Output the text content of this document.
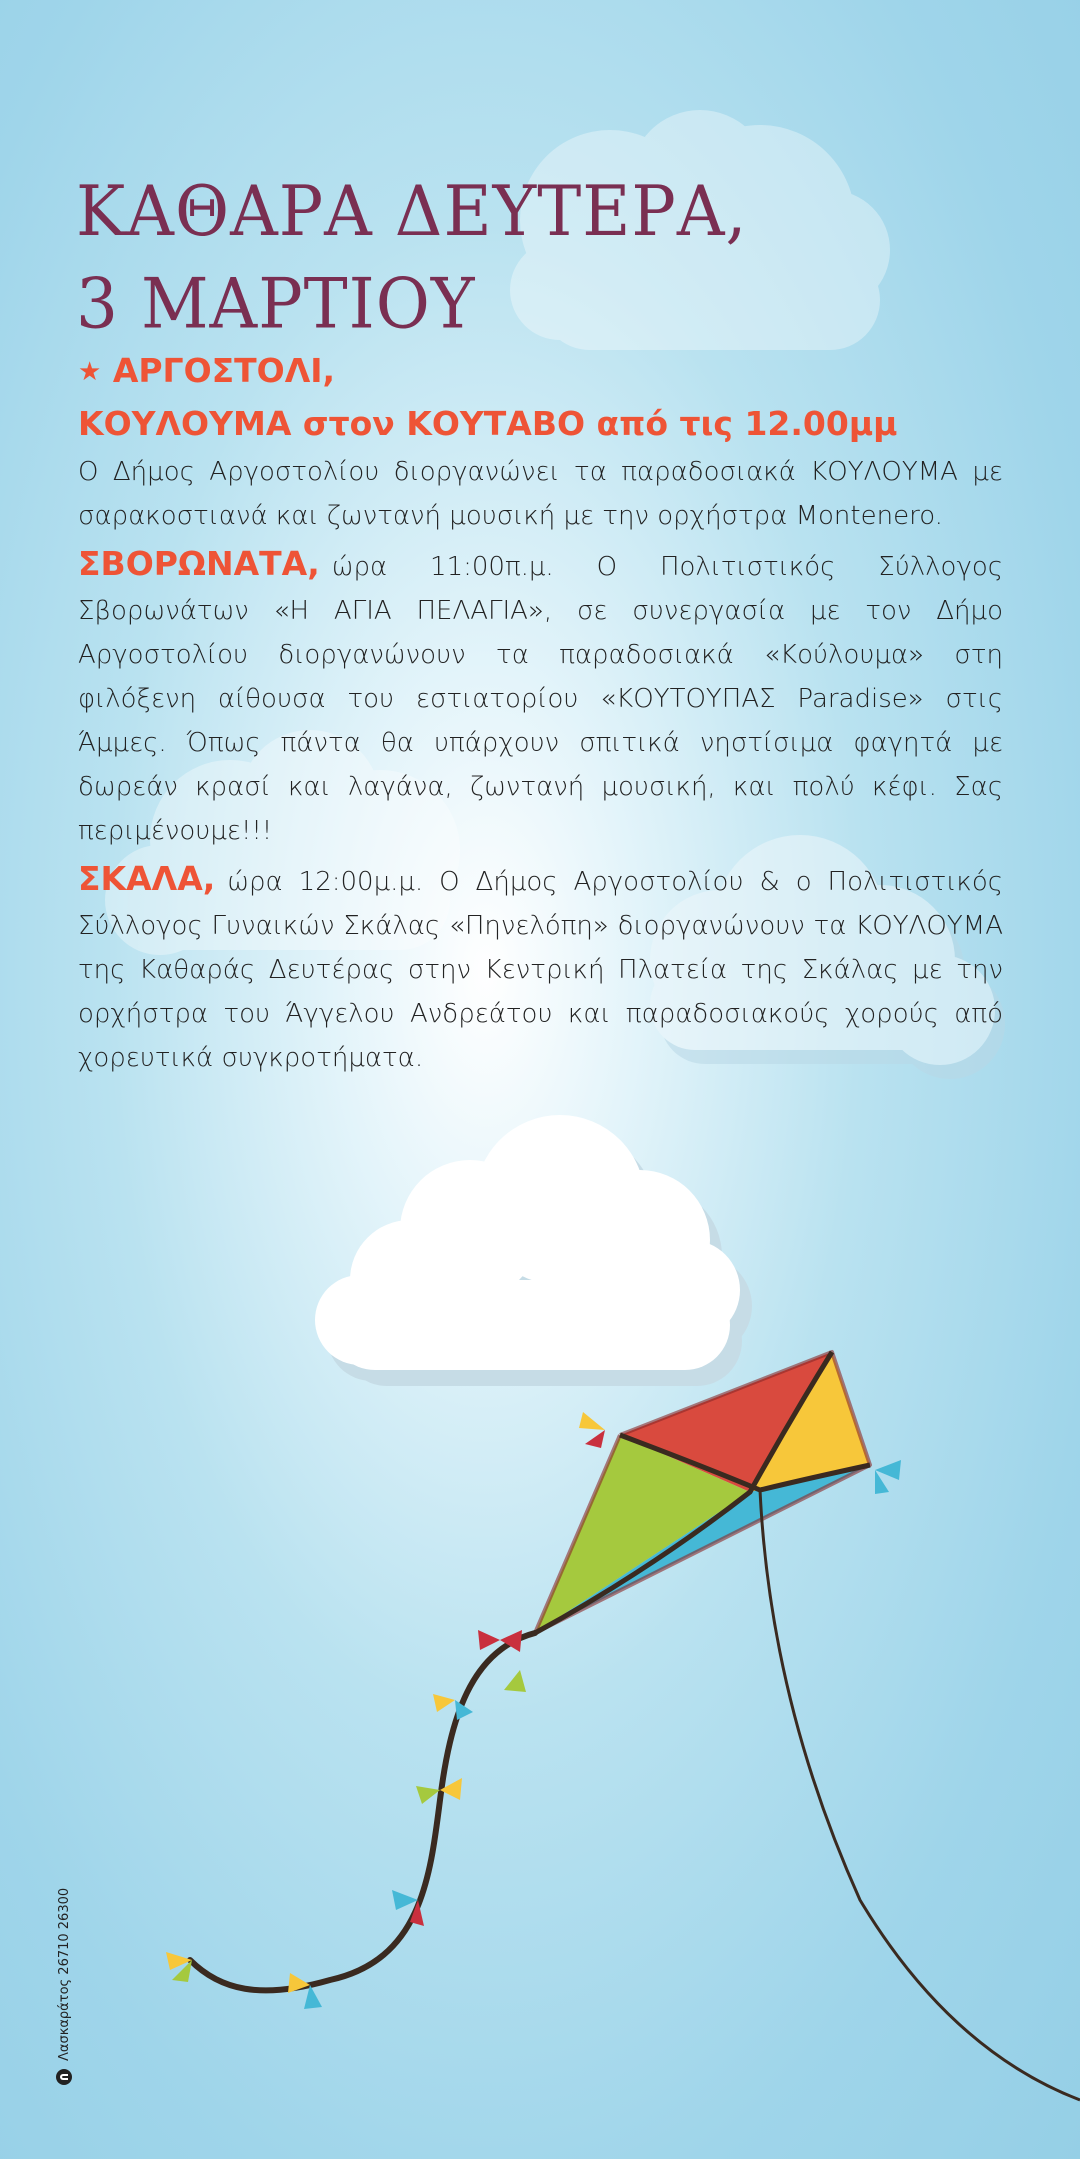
ΚΑΘΑΡΑ ΔΕΥΤΕΡΑ,
3 ΜΑΡΤΙΟΥ
★ ΑΡΓΟΣΤΟΛΙ,
ΚΟΥΛΟΥΜΑ στον ΚΟΥΤΑΒΟ από τις 12.00μμ

Ο Δήμος Αργοστολίου διοργανώνει τα παραδοσιακά ΚΟΥΛΟΥΜΑ με σαρακοστιανά και ζωντανή μουσική με την ορχήστρα Montenero.

ΣΒΟΡΩΝΑΤΑ, ώρα 11:00π.μ. Ο Πολιτιστικός Σύλλογος Σβορωνάτων «Η ΑΓΙΑ ΠΕΛΑΓΙΑ», σε συνεργασία με τον Δήμο Αργοστολίου διοργανώνουν τα παραδοσιακά «Κούλουμα» στη φιλόξενη αίθουσα του εστιατορίου «ΚΟΥΤΟΥΠΑΣ Paradise» στις Άμμες. Όπως πάντα θα υπάρχουν σπιτικά νηστίσιμα φαγητά με δωρεάν κρασί και λαγάνα, ζωντανή μουσική, και πολύ κέφι. Σας περιμένουμε!!!

ΣΚΑΛΑ, ώρα 12:00μ.μ. Ο Δήμος Αργοστολίου & ο Πολιτιστικός Σύλλογος Γυναικών Σκάλας «Πηνελόπη» διοργανώνουν τα ΚΟΥΛΟΥΜΑ της Καθαράς Δευτέρας στην Κεντρική Πλατεία της Σκάλας με την ορχήστρα του Άγγελου Ανδρεάτου και παραδοσιακούς χορούς από χορευτικά συγκροτήματα.

Λασκαράτος 26710 26300
